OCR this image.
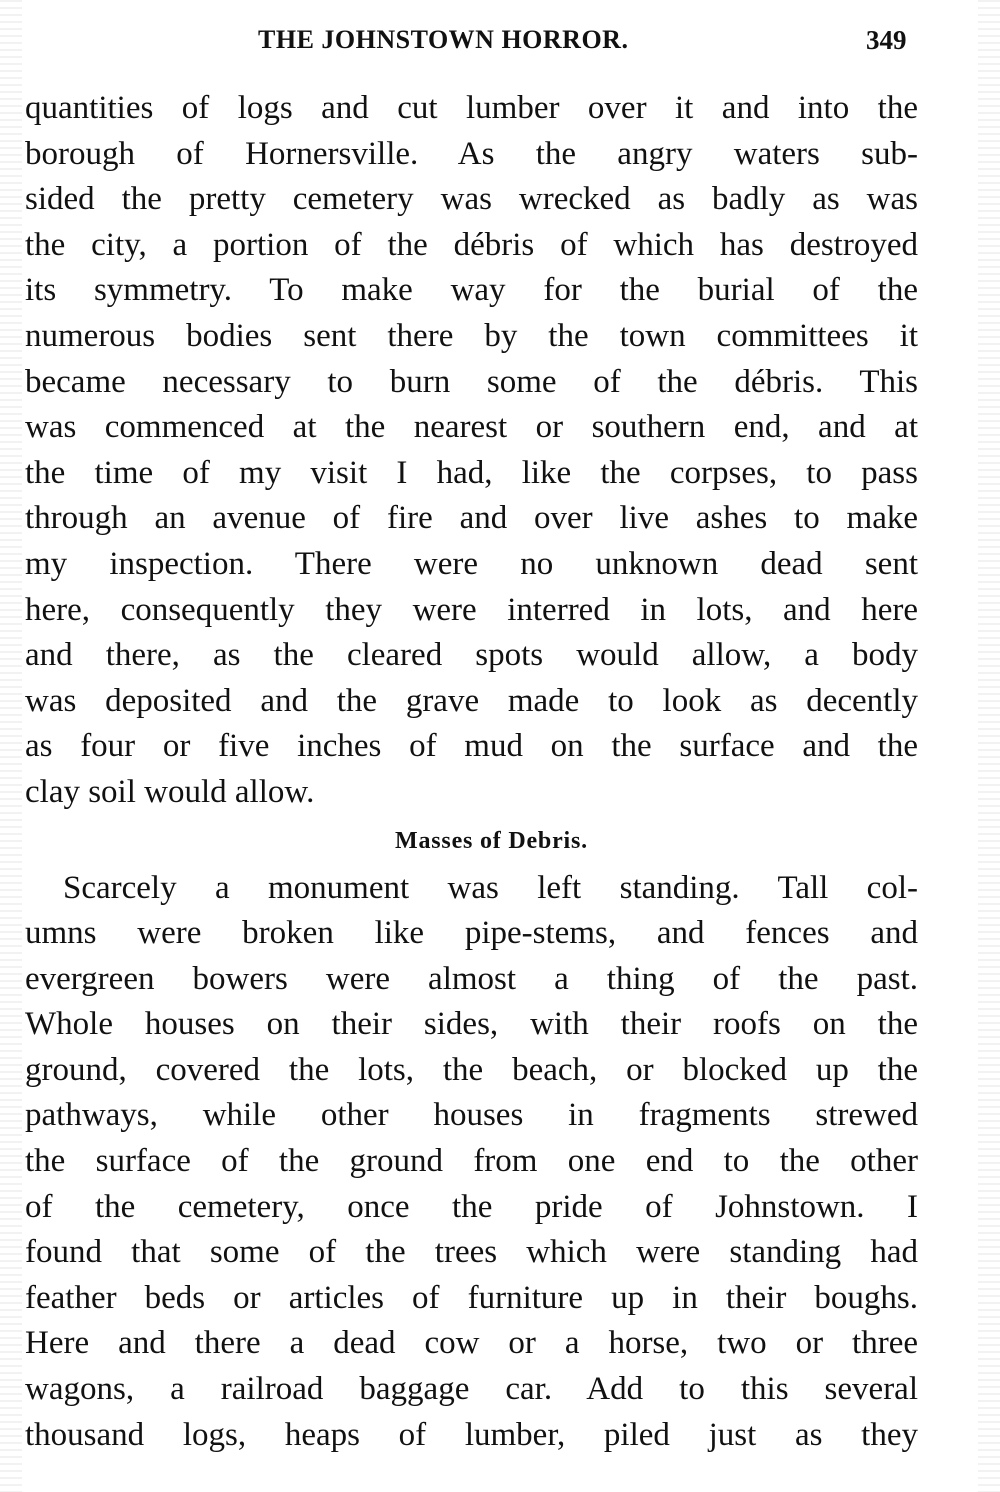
THE JOHNSTOWN HORROR.	349
quantities of logs and cut lumber over it and into the
borough of Hornersville. As the angry waters sub-
sided the pretty cemetery was wrecked as badly as was
the city, a portion of the débris of which has destroyed
its symmetry. To make way for the burial of the
numerous bodies sent there by the town committees it
became necessary to burn some of the débris. This
was commenced at the nearest or southern end, and at
the time of my visit I had, like the corpses, to pass
through an avenue of fire and over live ashes to make
my inspection. There were no unknown dead sent
here, consequently they were interred in lots, and here
and there, as the cleared spots would allow, a body
was deposited and the grave made to look as decently
as four or five inches of mud on the surface and the
clay soil would allow.
Masses of Debris.
Scarcely a monument was left standing. Tall col-
umns were broken like pipe-stems, and fences and
evergreen bowers were almost a thing of the past.
Whole houses on their sides, with their roofs on the
ground, covered the lots, the beach, or blocked up the
pathways, while other houses in fragments strewed
the surface of the ground from one end to the other
of the cemetery, once the pride of Johnstown. I
found that some of the trees which were standing had
feather beds or articles of furniture up in their boughs.
Here and there a dead cow or a horse, two or three
wagons, a railroad baggage car. Add to this several
thousand logs, heaps of lumber, piled just as they
